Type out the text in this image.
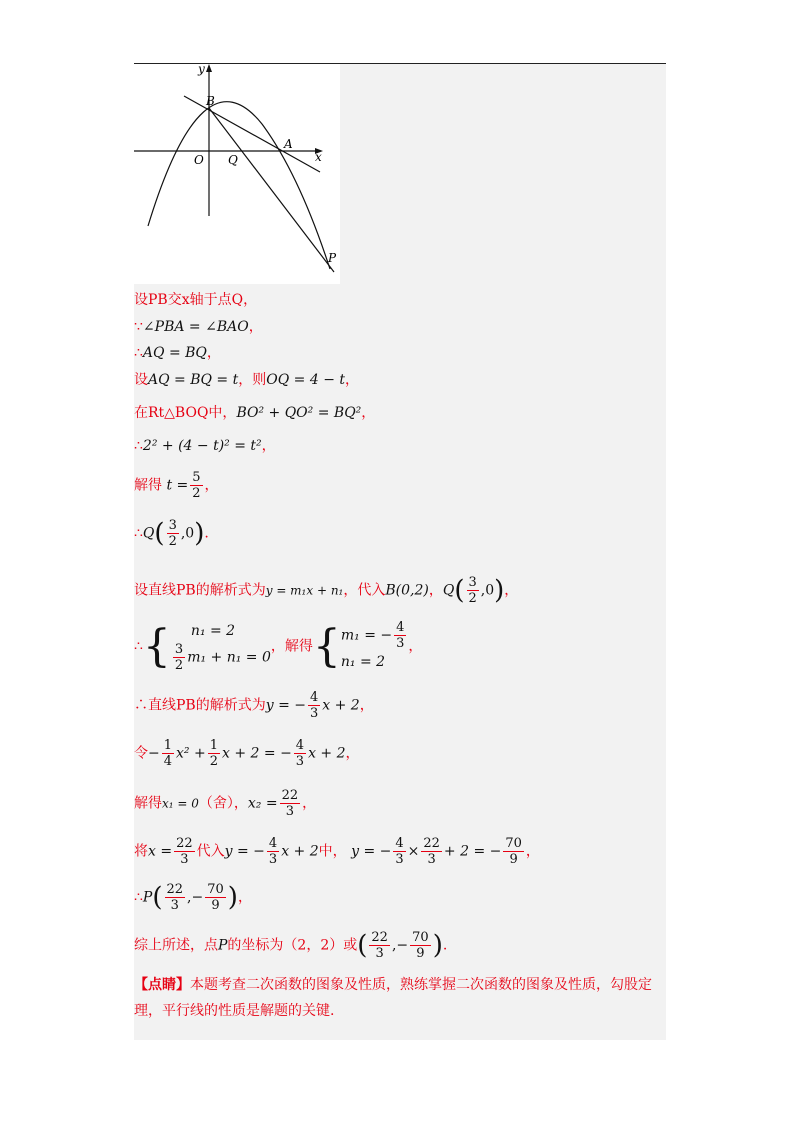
y
x
B
A
O Q
P
设PB交x轴于点Q，
∵∠PBA = ∠BAO，
∴AQ = BQ，
设AQ = BQ = t，则OQ = 4 − t，
在Rt△BOQ中，BO² + QO² = BQ²，
∴2² + (4 − t)² = t²，
解得 $t = \frac{5}{2}$ ，
∴Q( $\frac{3}{2} ,0$).
设直线PB的解析式为y = m₁x + n₁，代入B(0,2)，$Q( \frac{3}{2} ,0)$，
∴{	n₁ = 2
$\frac{3}{2} m_1 + n_1 = 0$
，解得{ m₁ = − $\frac{4}{3}$
n₁ = 2
，
∴直线PB的解析式为y = − $\frac{4}{3}$ x + 2，
令− $\frac{1}{4} x^2 + \frac{1}{2}$ x + 2 = − $\frac{4}{3}$ x + 2，
解得x₁ = 0（舍），$x_2 = \frac{22}{3}$ ，
将$x = \frac{22}{3}$ 代入y = − $\frac{4}{3}$ x + 2中， y = − $\frac{4}{3} \times \frac{22}{3} + 2$ = − $\frac{70}{9}$ ，
∴P( $\frac{22}{3}$ ,− $\frac{70}{9}$ )，
综上所述，点P的坐标为（2，2）或( $\frac{22}{3}$ ,− $\frac{70}{9}$ ).
【点睛】本题考查二次函数的图象及性质，熟练掌握二次函数的图象及性质，勾股定理，平行线的性质是解题的关键.
